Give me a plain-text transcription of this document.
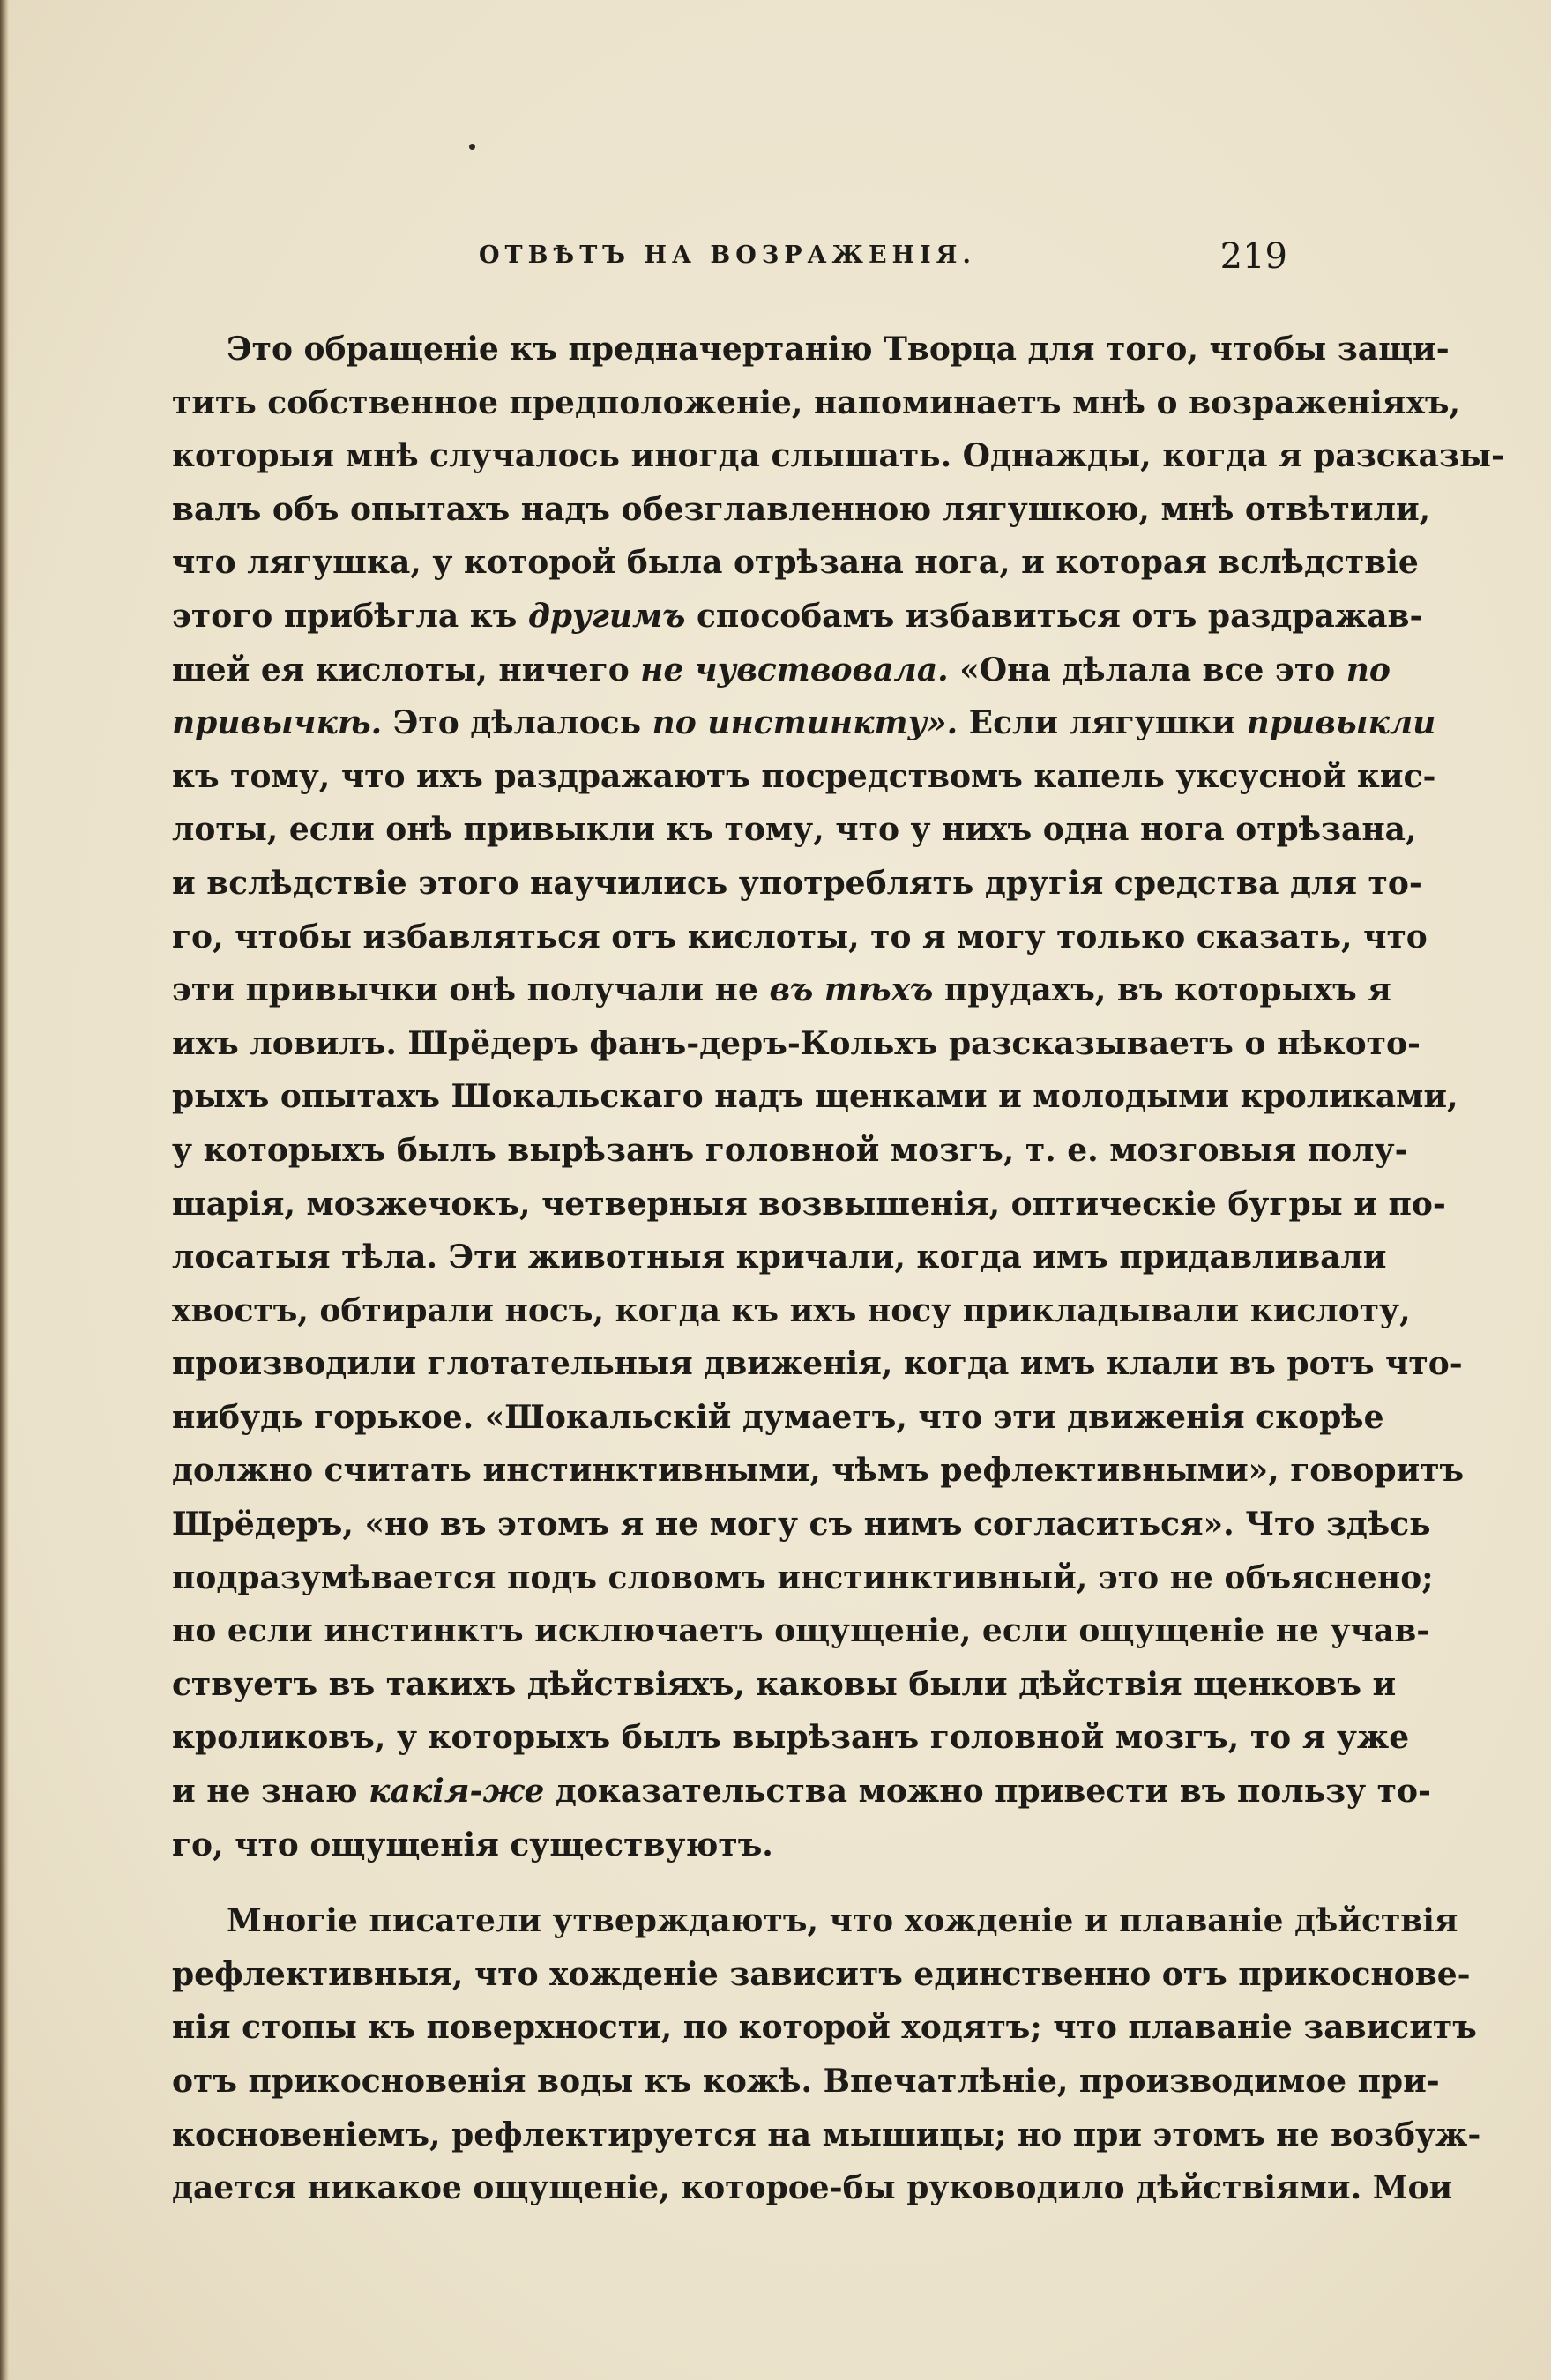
ОТВѢТЪ НА ВОЗРАЖЕНІЯ.	219
Это обращеніе къ предначертанію Творца для того, чтобы защи-
тить собственное предположеніе, напоминаетъ мнѣ о возраженіяхъ,
которыя мнѣ случалось иногда слышать. Однажды, когда я разсказы-
валъ объ опытахъ надъ обезглавленною лягушкою, мнѣ отвѣтили,
что лягушка, у которой была отрѣзана нога, и которая вслѣдствіе
этого прибѣгла къ другимъ способамъ избавиться отъ раздражав-
шей ея кислоты, ничего не чувствовала. «Она дѣлала все это по
привычкѣ. Это дѣлалось по инстинкту». Если лягушки привыкли
къ тому, что ихъ раздражаютъ посредствомъ капель уксусной кис-
лоты, если онѣ привыкли къ тому, что у нихъ одна нога отрѣзана,
и вслѣдствіе этого научились употреблять другія средства для то-
го, чтобы избавляться отъ кислоты, то я могу только сказать, что
эти привычки онѣ получали не въ тѣхъ прудахъ, въ которыхъ я
ихъ ловилъ. Шрёдеръ фанъ-деръ-Кольхъ разсказываетъ о нѣкото-
рыхъ опытахъ Шокальскаго надъ щенками и молодыми кроликами,
у которыхъ былъ вырѣзанъ головной мозгъ, т. е. мозговыя полу-
шарія, мозжечокъ, четверныя возвышенія, оптическіе бугры и по-
лосатыя тѣла. Эти животныя кричали, когда имъ придавливали
хвостъ, обтирали носъ, когда къ ихъ носу прикладывали кислоту,
производили глотательныя движенія, когда имъ клали въ ротъ что-
нибудь горькое. «Шокальскій думаетъ, что эти движенія скорѣе
должно считать инстинктивными, чѣмъ рефлективными», говоритъ
Шрёдеръ, «но въ этомъ я не могу съ нимъ согласиться». Что здѣсь
подразумѣвается подъ словомъ инстинктивный, это не объяснено;
но если инстинктъ исключаетъ ощущеніе, если ощущеніе не учав-
ствуетъ въ такихъ дѣйствіяхъ, каковы были дѣйствія щенковъ и
кроликовъ, у которыхъ былъ вырѣзанъ головной мозгъ, то я уже
и не знаю какія-же доказательства можно привести въ пользу то-
го, что ощущенія существуютъ.
Многіе писатели утверждаютъ, что хожденіе и плаваніе дѣйствія
рефлективныя, что хожденіе зависитъ единственно отъ прикоснове-
нія стопы къ поверхности, по которой ходятъ; что плаваніе зависитъ
отъ прикосновенія воды къ кожѣ. Впечатлѣніе, производимое при-
косновеніемъ, рефлектируется на мышицы; но при этомъ не возбуж-
дается никакое ощущеніе, которое-бы руководило дѣйствіями. Мои
